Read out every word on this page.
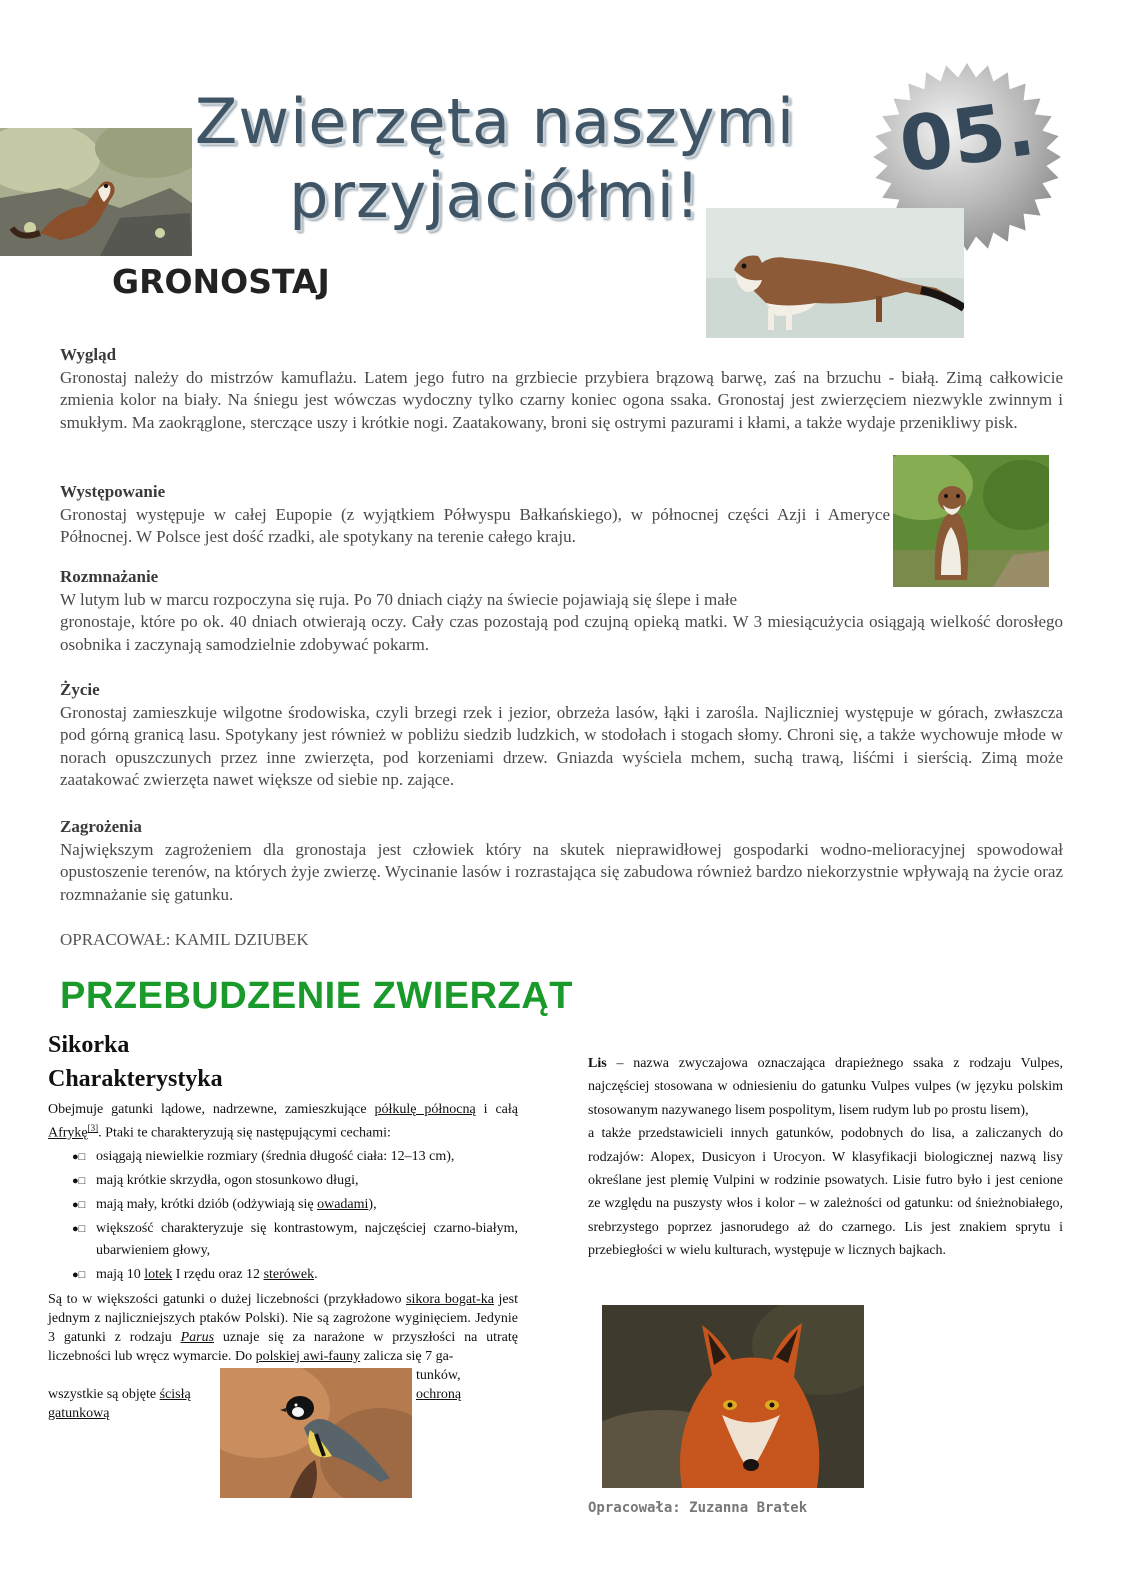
Zwierzęta naszymi
przyjaciółmi!
05.
GRONOSTAJ
Wygląd

Gronostaj należy do mistrzów kamuflażu. Latem jego futro na grzbiecie przybiera brązową barwę, zaś na brzuchu - białą. Zimą całkowicie zmienia kolor na biały. Na śniegu jest wówczas wydoczny tylko czarny koniec ogona ssaka. Gronostaj jest zwierzęciem niezwykle zwinnym i smukłym. Ma zaokrąglone, sterczące uszy i krótkie nogi. Zaatakowany, broni się ostrymi pazurami i kłami, a także wydaje przenikliwy pisk.

Występowanie

Gronostaj występuje w całej Eupopie (z wyjątkiem Półwyspu Bałkańskiego), w północnej części Azji i Ameryce Północnej. W Polsce jest dość rzadki, ale spotykany na terenie całego kraju.

Rozmnażanie

W lutym lub w marcu rozpoczyna się ruja. Po 70 dniach ciąży na świecie pojawiają się ślepe i małe

gronostaje, które po ok. 40 dniach otwierają oczy. Cały czas pozostają pod czujną opieką matki. W 3 miesiącużycia osiągają wielkość dorosłego osobnika i zaczynają samodzielnie zdobywać pokarm.

Życie

Gronostaj zamieszkuje wilgotne środowiska, czyli brzegi rzek i jezior, obrzeża lasów, łąki i zarośla. Najliczniej występuje w górach, zwłaszcza pod górną granicą lasu. Spotykany jest również w pobliżu siedzib ludzkich, w stodołach i stogach słomy. Chroni się, a także wychowuje młode w norach opuszczunych przez inne zwierzęta, pod korzeniami drzew. Gniazda wyściela mchem, suchą trawą, liśćmi i sierścią. Zimą może zaatakować zwierzęta nawet większe od siebie np. zające.

Zagrożenia

Największym zagrożeniem dla gronostaja jest człowiek który na skutek nieprawidłowej gospodarki wodno-melioracyjnej spowodował opustoszenie terenów, na których żyje zwierzę. Wycinanie lasów i rozrastająca się zabudowa również bardzo niekorzystnie wpływają na życie oraz rozmnażanie się gatunku.

OPRACOWAŁ: KAMIL DZIUBEK
PRZEBUDZENIE ZWIERZĄT
Sikorka
Charakterystyka
Obejmuje gatunki lądowe, nadrzewne, zamieszkujące półkulę północną i całą Afrykę[3]. Ptaki te charakteryzują się następującymi cechami:
●□ osiągają niewielkie rozmiary (średnia długość ciała: 12–13 cm),
●□ mają krótkie skrzydła, ogon stosunkowo długi,
●□ mają mały, krótki dziób (odżywiają się owadami),
●□ większość charakteryzuje się kontrastowym, najczęściej czarno-białym, ubarwieniem głowy,
●□ mają 10 lotek I rzędu oraz 12 sterówek.
Są to w większości gatunki o dużej liczebności (przykładowo sikora bogat-ka jest jednym z najliczniejszych ptaków Polski). Nie są zagrożone wyginięciem. Jedynie 3 gatunki z rodzaju Parus uznaje się za narażone w przyszłości na utratę liczebności lub wręcz wymarcie. Do polskiej awi-fauny zalicza się 7 ga-
tunków,
wszystkie są objęte ścisłą	ochroną
gatunkową
Lis – nazwa zwyczajowa oznaczająca drapieżnego ssaka z rodzaju Vulpes, najczęściej stosowana w odniesieniu do gatunku Vulpes vulpes (w języku polskim stosowanym nazywanego lisem pospolitym, lisem rudym lub po prostu lisem),
a także przedstawicieli innych gatunków, podobnych do lisa, a zaliczanych do rodzajów: Alopex, Dusicyon i Urocyon. W klasyfikacji biologicznej nazwą lisy określane jest plemię Vulpini w rodzinie psowatych. Lisie futro było i jest cenione ze względu na puszysty włos i kolor – w zależności od gatunku: od śnieżnobiałego, srebrzystego poprzez jasnorudego aż do czarnego. Lis jest znakiem sprytu i przebiegłości w wielu kulturach, występuje w licznych bajkach.
Opracowała: Zuzanna Bratek
